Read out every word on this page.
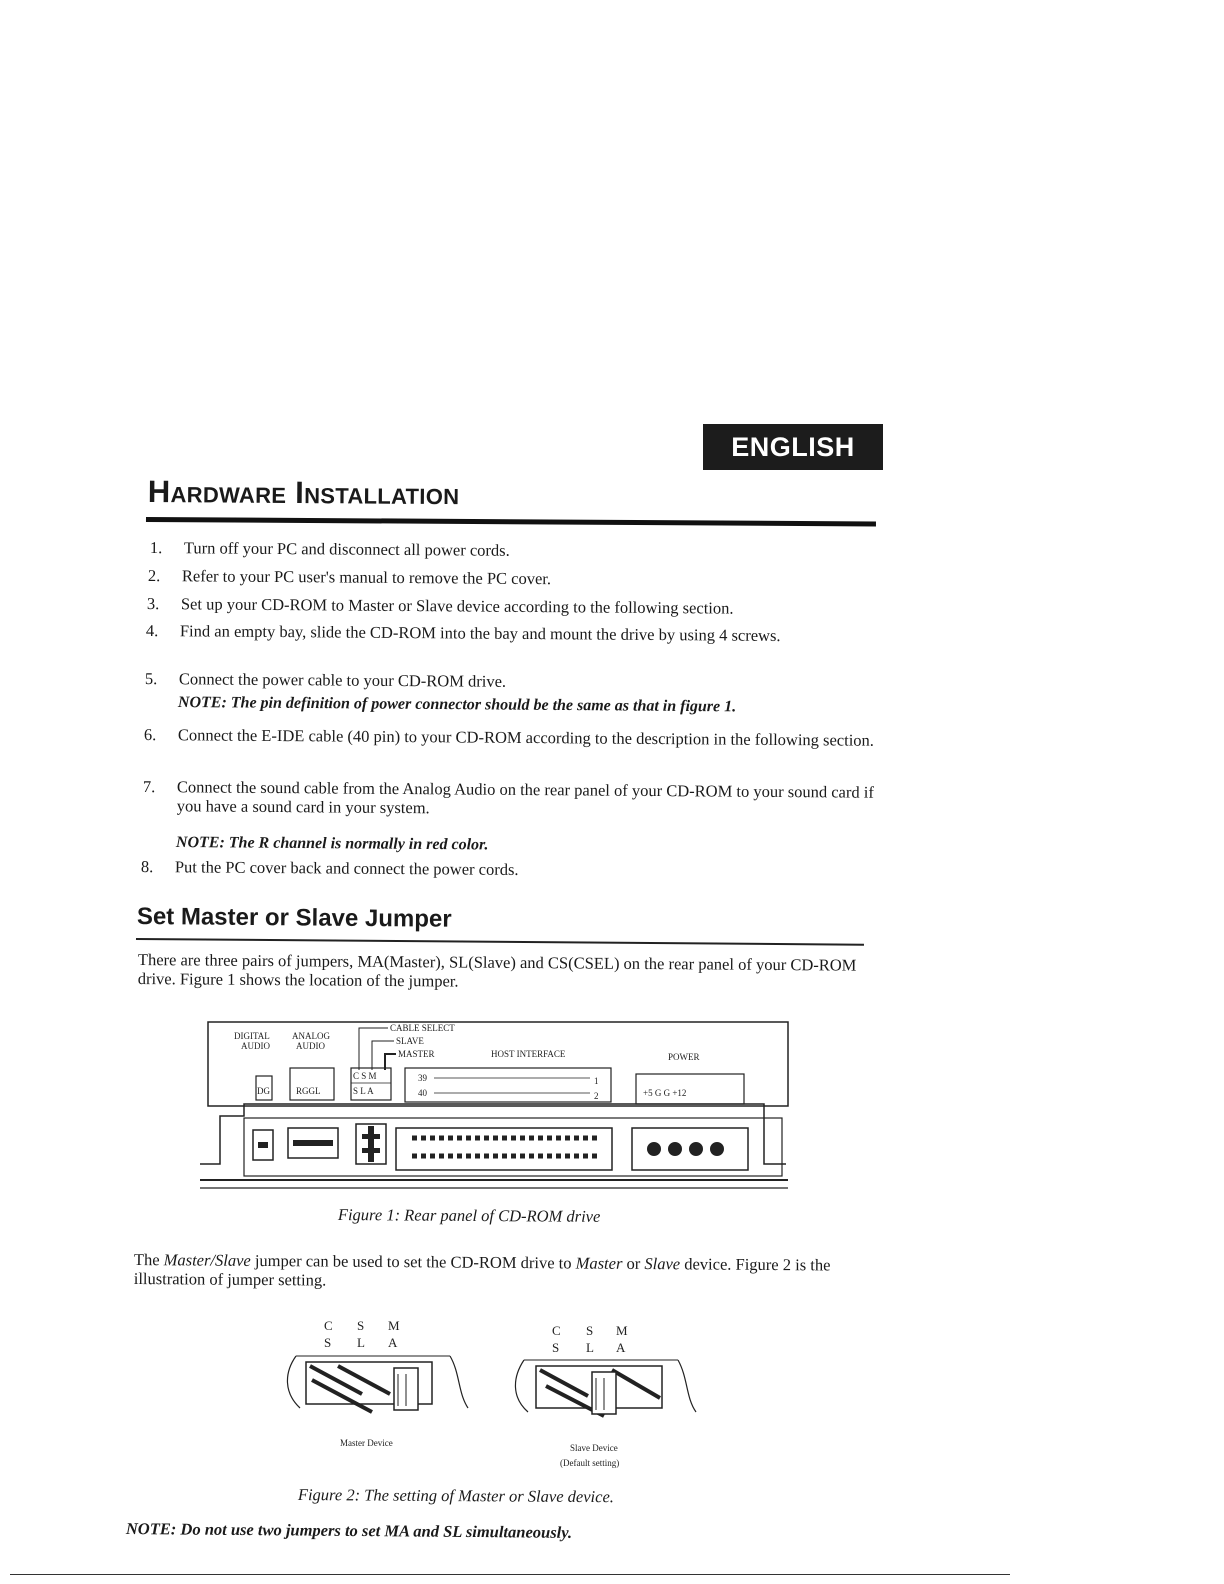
ENGLISH
Hardware Installation
1. Turn off your PC and disconnect all power cords.
2. Refer to your PC user's manual to remove the PC cover.
3. Set up your CD-ROM to Master or Slave device according to the following section.
4. Find an empty bay, slide the CD-ROM into the bay and mount the drive by using 4 screws.
5. Connect the power cable to your CD-ROM drive.
NOTE: The pin definition of power connector should be the same as that in figure 1.
6. Connect the E-IDE cable (40 pin) to your CD-ROM according to the description in the following section.
7. Connect the sound cable from the Analog Audio on the rear panel of your CD-ROM to your sound card if you have a sound card in your system.
NOTE: The R channel is normally in red color.
8. Put the PC cover back and connect the power cords.
Set Master or Slave Jumper
There are three pairs of jumpers, MA(Master), SL(Slave) and CS(CSEL) on the rear panel of your CD-ROM drive. Figure 1 shows the location of the jumper.
DIGITAL
AUDIO
ANALOG
AUDIO
CABLE SELECT
SLAVE
MASTER	HOST INTERFACE	POWER
DG	RGGL
C S M
S L A
39
40
1
2	+5 G G +12
Figure 1: Rear panel of CD-ROM drive
The Master/Slave jumper can be used to set the CD-ROM drive to Master or Slave device. Figure 2 is the illustration of jumper setting.
C S M
S L A
Master Device
C S M
S L A
Slave Device
(Default setting)
Figure 2: The setting of Master or Slave device.
NOTE: Do not use two jumpers to set MA and SL simultaneously.
